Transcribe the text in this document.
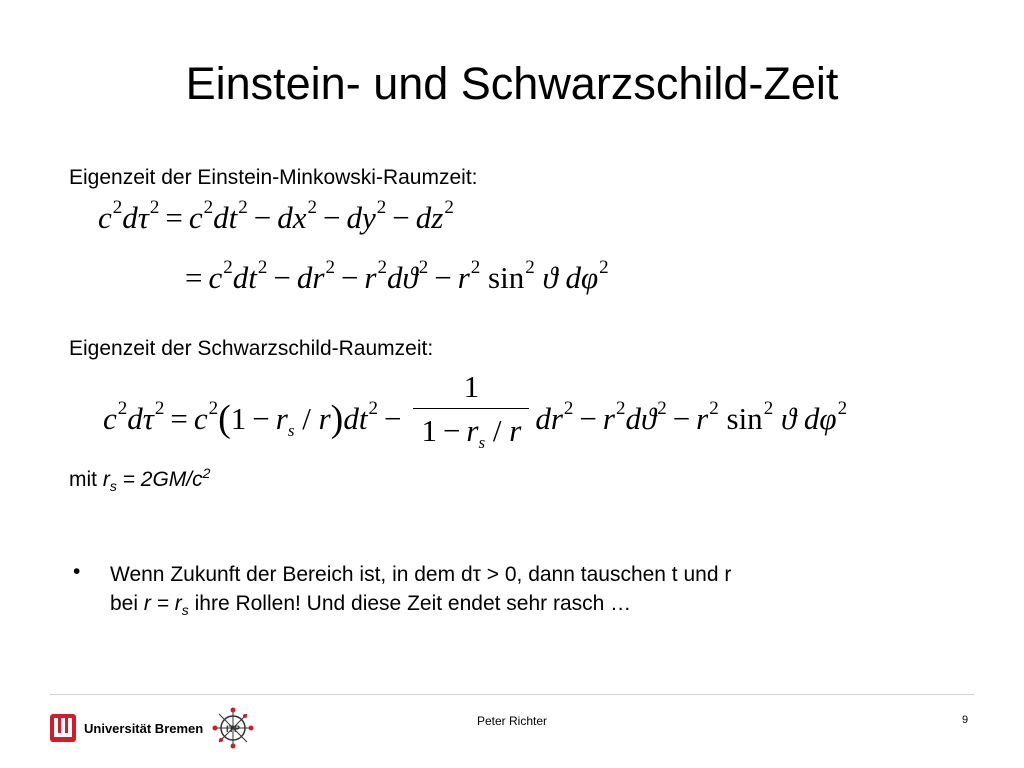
Einstein- und Schwarzschild-Zeit
Eigenzeit der Einstein-Minkowski-Raumzeit:
$c^2d\tau^2 = c^2dt^2 - dx^2 - dy^2 - dz^2$
= $c^2dt^2 - dr^2 - r^2dϑ^2 - r^2$ $\sin^2 ϑ$ $d\varphi^2$
Eigenzeit der Schwarzschild-Raumzeit:
$c^2d\tau^2 = c^2(1 - r_s / r)dt^2 - \frac{1}{1 - r_s / r} dr^2 - r^2dϑ^2 - r^2$ $\sin^2 ϑ$ $d\varphi^2$
mit $r_s = 2GM/c^2$
• Wenn Zukunft der Bereich ist, in dem dτ > 0, dann tauschen t und r
bei $r = r_s$ ihre Rollen! Und diese Zeit endet sehr rasch …
Universität Bremen	ITP
Peter Richter	9
